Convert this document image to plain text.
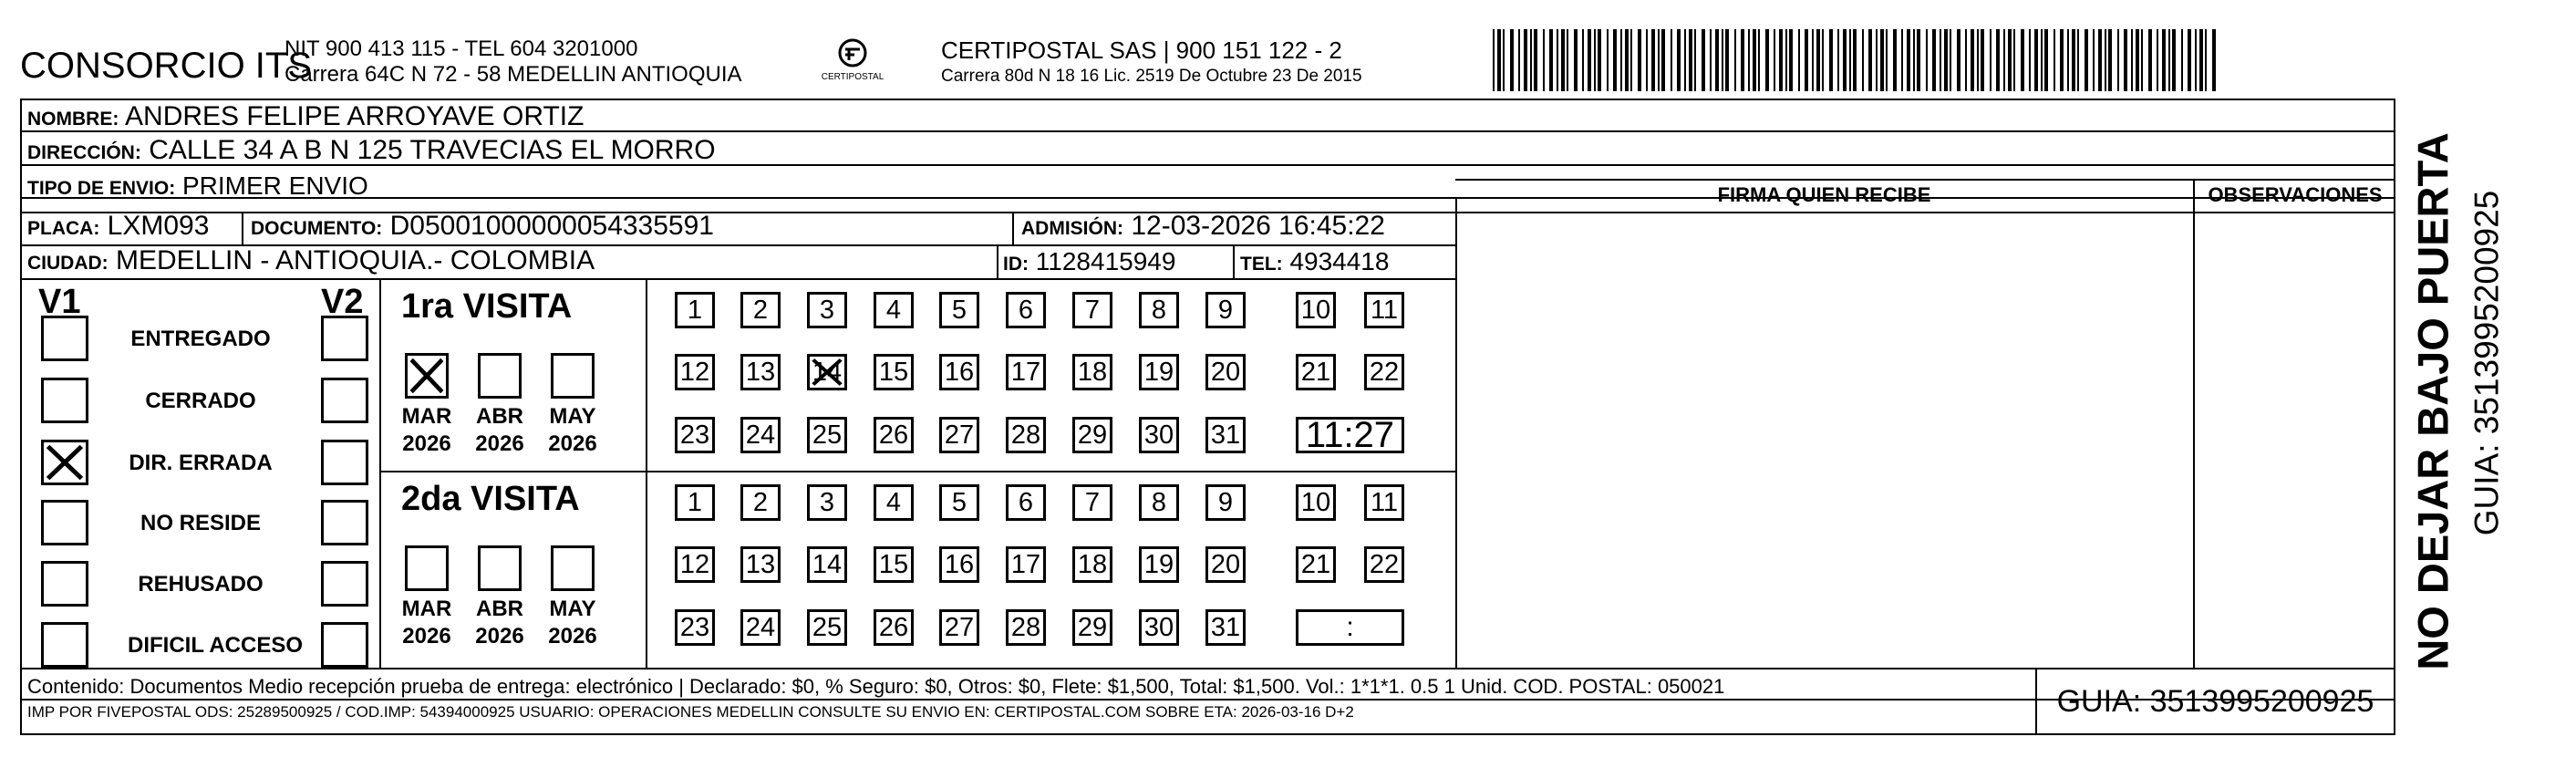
CONSORCIO ITS
NIT 900 413 115 - TEL 604 3201000
Carrera 64C N 72 - 58 MEDELLIN ANTIOQUIA	CERTIPOSTAL
CERTIPOSTAL SAS | 900 151 122 - 2
Carrera 80d N 18 16 Lic. 2519 De Octubre 23 De 2015
NOMBRE: ANDRES FELIPE ARROYAVE ORTIZ
DIRECCIÓN: CALLE 34 A B N 125 TRAVECIAS EL MORRO
TIPO DE ENVIO: PRIMER ENVIO
PLACA: LXM093 DOCUMENTO: D05001000000054335591	ADMISIÓN: 12-03-2026 16:45:22
CIUDAD: MEDELLIN - ANTIOQUIA.- COLOMBIA	ID: 1128415949	TEL: 4934418
FIRMA QUIEN RECIBE	OBSERVACIONES
V1	V2
ENTREGADO
CERRADO
DIR. ERRADA
NO RESIDE
REHUSADO
DIFICIL ACCESO
1ra VISITA
MAR
2026
ABR
2026
MAY
2026
1	2	3	4	5	6	7	8	9	10 11
12 13 14 15 16 17 18 19 20 21 22
23 24 25 26 27 28 29 30 31 11:27
2da VISITA
MAR
2026
ABR
2026
MAY
2026
1	2	3	4	5	6	7	8	9	10 11
12 13 14 15 16 17 18 19 20 21 22
23 24 25 26 27 28 29 30 31	:
Contenido: Documentos Medio recepción prueba de entrega: electrónico | Declarado: $0, % Seguro: $0, Otros: $0, Flete: $1,500, Total: $1,500. Vol.: 1*1*1. 0.5 1 Unid. COD. POSTAL: 050021
IMP POR FIVEPOSTAL ODS: 25289500925 / COD.IMP: 54394000925 USUARIO: OPERACIONES MEDELLIN CONSULTE SU ENVIO EN: CERTIPOSTAL.COM SOBRE ETA: 2026-03-16 D+2	GUIA: 3513995200925
NO DEJAR BAJO PUERTA GUIA: 3513995200925
